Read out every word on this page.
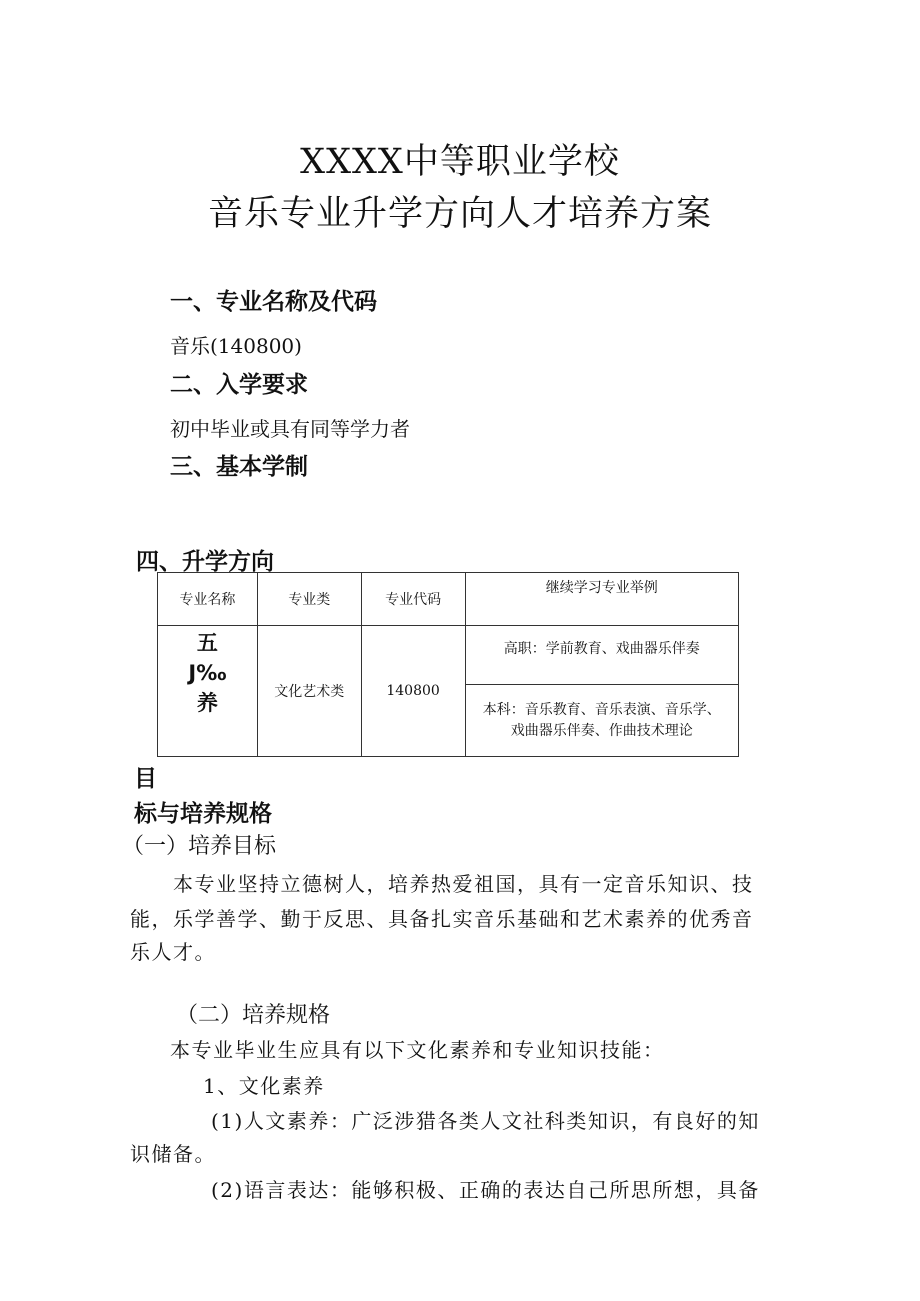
XXXX中等职业学校
音乐专业升学方向人才培养方案
一、专业名称及代码
音乐(140800)
二、入学要求
初中毕业或具有同等学力者
三、基本学制
四、升学方向
专业名称	专业类	专业代码	继续学习专业举例

五
J‰
养	文化艺术类	140800	高职：学前教育、戏曲器乐伴奏

			本科：音乐教育、音乐表演、音乐学、
戏曲器乐伴奏、作曲技术理论
目
标与培养规格
（一）培养目标
本专业坚持立德树人，培养热爱祖国，具有一定音乐知识、技
能，乐学善学、勤于反思、具备扎实音乐基础和艺术素养的优秀音
乐人才。
（二）培养规格
本专业毕业生应具有以下文化素养和专业知识技能：
1、文化素养
(1)人文素养：广泛涉猎各类人文社科类知识，有良好的知
识储备。
(2)语言表达：能够积极、正确的表达自己所思所想，具备
